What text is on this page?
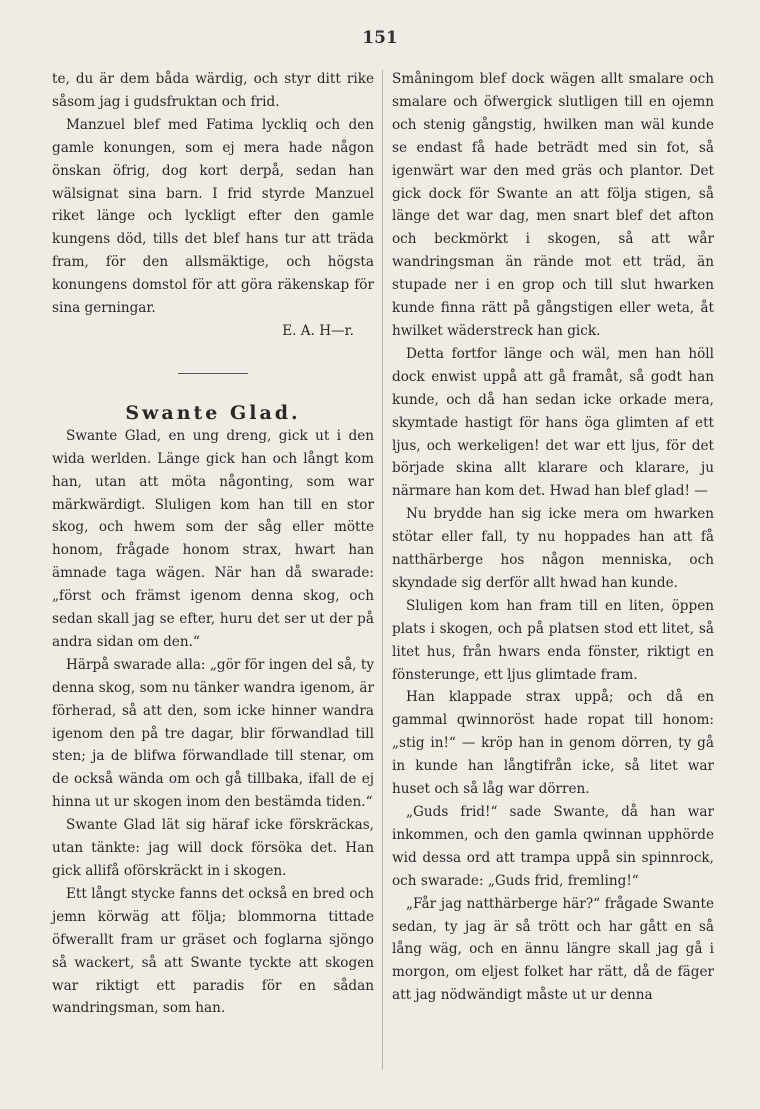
151

te, du är dem båda wärdig, och styr ditt rike såsom jag i gudsfruktan och frid.

Manzuel blef med Fatima lyckliq och den gamle konungen, som ej mera hade någon önskan öfrig, dog kort derpå, sedan han wälsignat sina barn. I frid styrde Manzuel riket länge och lyckligt efter den gamle kungens död, tills det blef hans tur att träda fram, för den allsmäktige, och högsta konungens domstol för att göra räkenskap för sina gerningar.

E. A. H—r.

Swante Glad.

Swante Glad, en ung dreng, gick ut i den wida werlden. Länge gick han och långt kom han, utan att möta någonting, som war märkwärdigt. Sluligen kom han till en stor skog, och hwem som der såg eller mötte honom, frågade honom strax, hwart han ämnade taga wägen. När han då swarade: „först och främst igenom denna skog, och sedan skall jag se efter, huru det ser ut der på andra sidan om den.“

Härpå swarade alla: „gör för ingen del så, ty denna skog, som nu tänker wandra igenom, är förherad, så att den, som icke hinner wandra igenom den på tre dagar, blir förwandlad till sten; ja de blifwa förwandlade till stenar, om de också wända om och gå tillbaka, ifall de ej hinna ut ur skogen inom den bestämda tiden.“

Swante Glad lät sig häraf icke förskräckas, utan tänkte: jag will dock försöka det. Han gick allifå oförskräckt in i skogen.

Ett långt stycke fanns det också en bred och jemn körwäg att följa; blommorna tittade öfwerallt fram ur gräset och foglarna sjöngo så wackert, så att Swante tyckte att skogen war riktigt ett paradis för en sådan wandringsman, som han.

Småningom blef dock wägen allt smalare och smalare och öfwergick slutligen till en ojemn och stenig gångstig, hwilken man wäl kunde se endast få hade beträdt med sin fot, så igenwärt war den med gräs och plantor. Det gick dock för Swante an att följa stigen, så länge det war dag, men snart blef det afton och beckmörkt i skogen, så att wår wandringsman än rände mot ett träd, än stupade ner i en grop och till slut hwarken kunde finna rätt på gångstigen eller weta, åt hwilket wäderstreck han gick.

Detta fortfor länge och wäl, men han höll dock enwist uppå att gå framåt, så godt han kunde, och då han sedan icke orkade mera, skymtade hastigt för hans öga glimten af ett ljus, och werkeligen! det war ett ljus, för det började skina allt klarare och klarare, ju närmare han kom det. Hwad han blef glad! —

Nu brydde han sig icke mera om hwarken stötar eller fall, ty nu hoppades han att få natthärberge hos någon menniska, och skyndade sig derför allt hwad han kunde.

Sluligen kom han fram till en liten, öppen plats i skogen, och på platsen stod ett litet, så litet hus, från hwars enda fönster, riktigt en fönsterunge, ett ljus glimtade fram.

Han klappade strax uppå; och då en gammal qwinnoröst hade ropat till honom: „stig in!“ — kröp han in genom dörren, ty gå in kunde han långtifrån icke, så litet war huset och så låg war dörren.

„Guds frid!“ sade Swante, då han war inkommen, och den gamla qwinnan upphörde wid dessa ord att trampa uppå sin spinnrock, och swarade: „Guds frid, fremling!“

„Får jag natthärberge här?“ frågade Swante sedan, ty jag är så trött och har gått en så lång wäg, och en ännu längre skall jag gå i morgon, om eljest folket har rätt, då de fäger att jag nödwändigt måste ut ur denna
